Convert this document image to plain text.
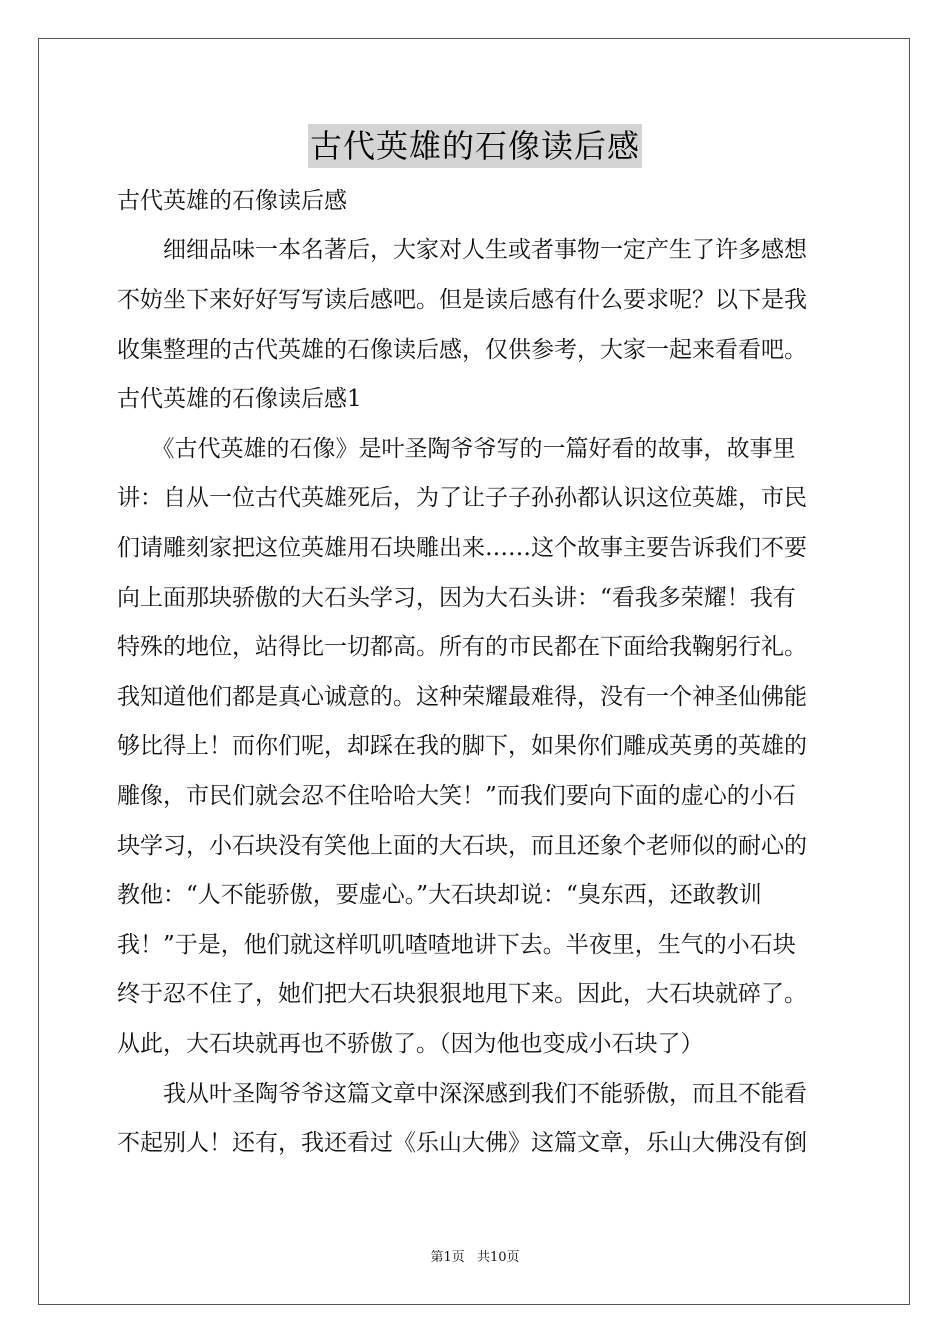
古代英雄的石像读后感
古代英雄的石像读后感
　　细细品味一本名著后，大家对人生或者事物一定产生了许多感想
不妨坐下来好好写写读后感吧。但是读后感有什么要求呢？以下是我
收集整理的古代英雄的石像读后感，仅供参考，大家一起来看看吧。
古代英雄的石像读后感1
　　《古代英雄的石像》是叶圣陶爷爷写的一篇好看的故事，故事里
讲：自从一位古代英雄死后，为了让子子孙孙都认识这位英雄，市民
们请雕刻家把这位英雄用石块雕出来……这个故事主要告诉我们不要
向上面那块骄傲的大石头学习，因为大石头讲：“看我多荣耀！我有
特殊的地位，站得比一切都高。所有的市民都在下面给我鞠躬行礼。
我知道他们都是真心诚意的。这种荣耀最难得，没有一个神圣仙佛能
够比得上！而你们呢，却踩在我的脚下，如果你们雕成英勇的英雄的
雕像，市民们就会忍不住哈哈大笑！”而我们要向下面的虚心的小石
块学习，小石块没有笑他上面的大石块，而且还象个老师似的耐心的
教他：“人不能骄傲，要虚心。”大石块却说：“臭东西，还敢教训
我！”于是，他们就这样叽叽喳喳地讲下去。半夜里，生气的小石块
终于忍不住了，她们把大石块狠狠地甩下来。因此，大石块就碎了。
从此，大石块就再也不骄傲了。（因为他也变成小石块了）
　　我从叶圣陶爷爷这篇文章中深深感到我们不能骄傲，而且不能看
不起别人！还有，我还看过《乐山大佛》这篇文章，乐山大佛没有倒
第1页 共10页
